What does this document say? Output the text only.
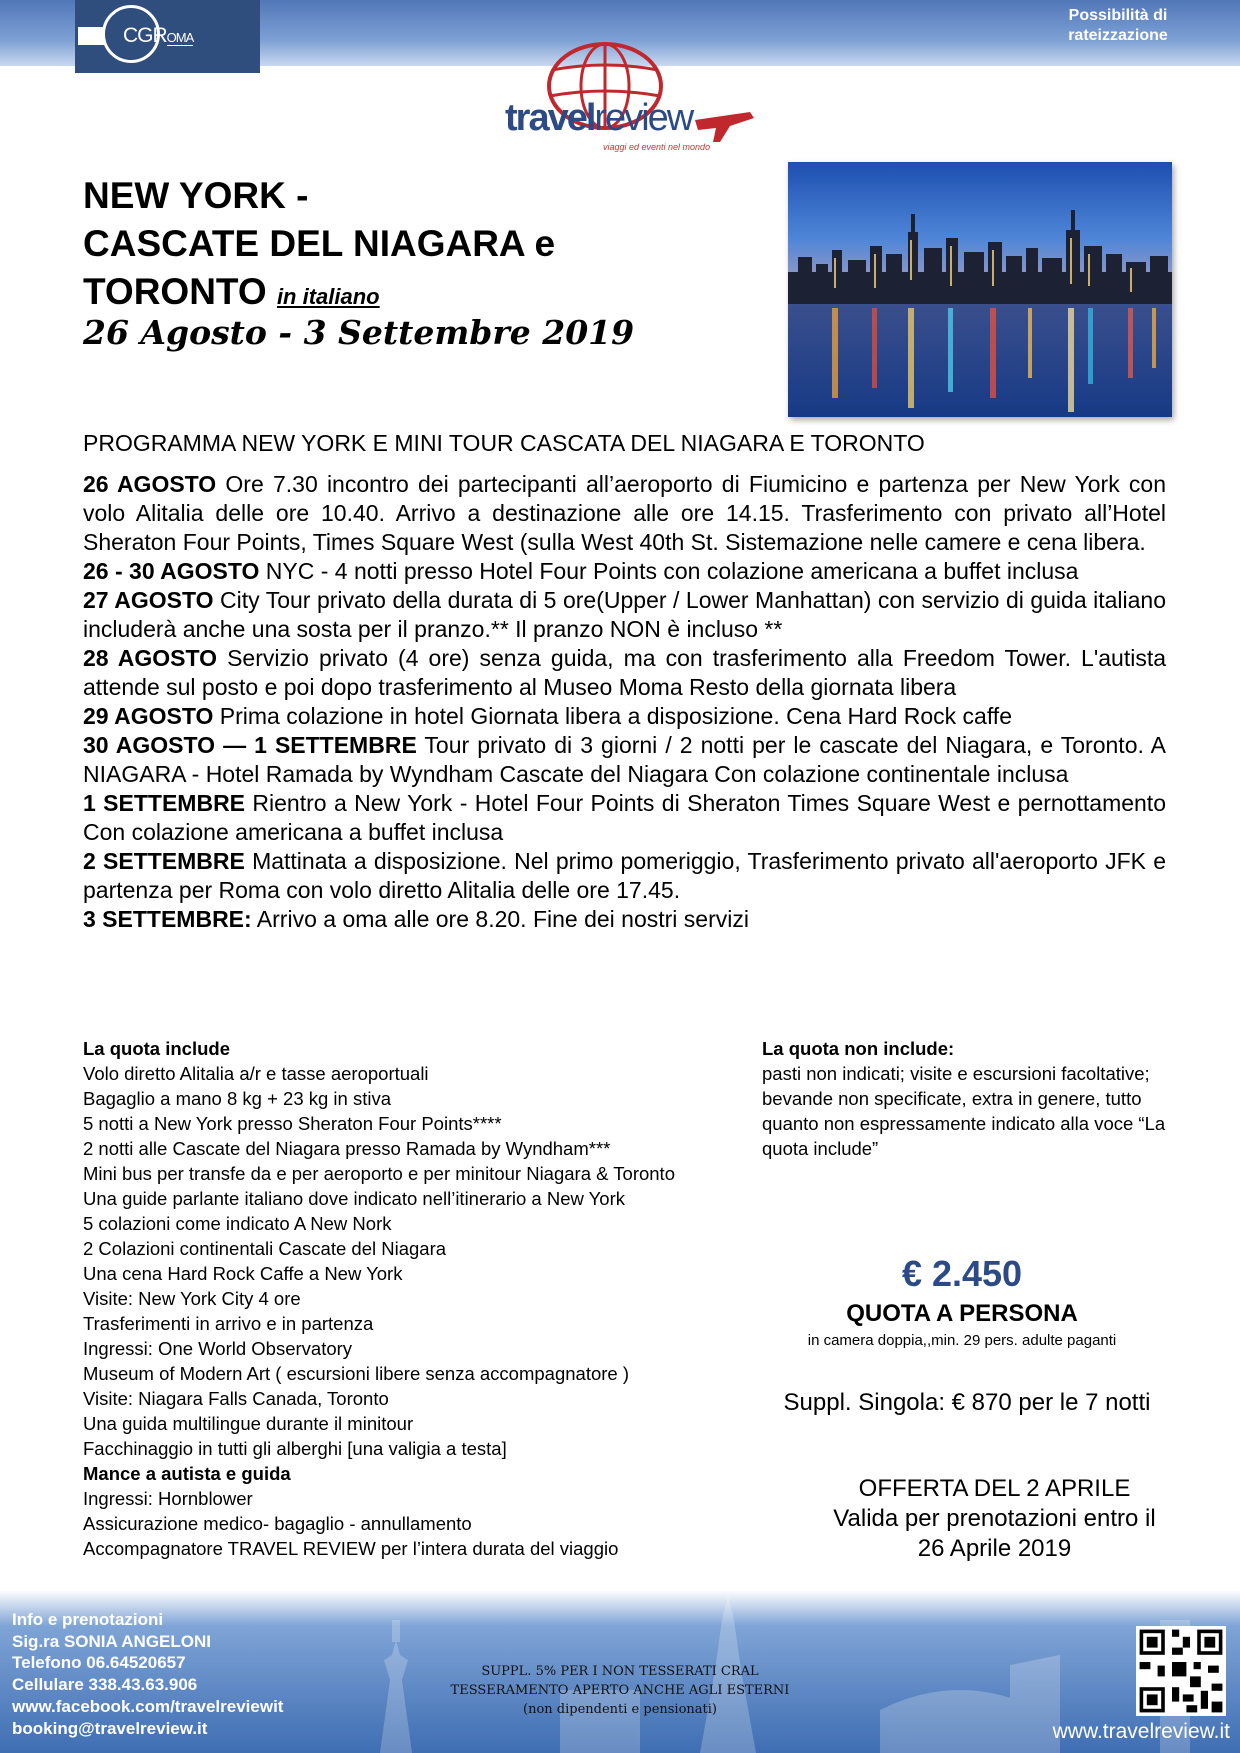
CGROMA
Possibilità di rateizzazione
travelreview
viaggi ed eventi nel mondo
NEW YORK -
CASCATE DEL NIAGARA e
TORONTO in italiano
26 Agosto - 3 Settembre 2019
PROGRAMMA NEW YORK E MINI TOUR CASCATA DEL NIAGARA E TORONTO

26 AGOSTO Ore 7.30 incontro dei partecipanti all’aeroporto di Fiumicino e partenza per New York con volo Alitalia delle ore 10.40. Arrivo a destinazione alle ore 14.15. Trasferimento con privato all’Hotel Sheraton Four Points, Times Square West (sulla West 40th St. Sistemazione nelle camere e cena libera.

26 - 30 AGOSTO NYC - 4 notti presso Hotel Four Points con colazione americana a buffet inclusa

27 AGOSTO City Tour privato della durata di 5 ore(Upper / Lower Manhattan) con servizio di guida italiano includerà anche una sosta per il pranzo.** Il pranzo NON è incluso **

28 AGOSTO Servizio privato (4 ore) senza guida, ma con trasferimento alla Freedom Tower. L'autista attende sul posto e poi dopo trasferimento al Museo Moma Resto della giornata libera

29 AGOSTO Prima colazione in hotel Giornata libera a disposizione. Cena Hard Rock caffe

30 AGOSTO — 1 SETTEMBRE Tour privato di 3 giorni / 2 notti per le cascate del Niagara, e Toronto. A NIAGARA - Hotel Ramada by Wyndham Cascate del Niagara Con colazione continentale inclusa

1 SETTEMBRE Rientro a New York - Hotel Four Points di Sheraton Times Square West e pernottamento Con colazione americana a buffet inclusa

2 SETTEMBRE Mattinata a disposizione. Nel primo pomeriggio, Trasferimento privato all'aeroporto JFK e partenza per Roma con volo diretto Alitalia delle ore 17.45.

3 SETTEMBRE: Arrivo a oma alle ore 8.20. Fine dei nostri servizi

La quota include
Volo diretto Alitalia a/r e tasse aeroportuali
Bagaglio a mano 8 kg + 23 kg in stiva
5 notti a New York presso Sheraton Four Points****
2 notti alle Cascate del Niagara presso Ramada by Wyndham***
Mini bus per transfe da e per aeroporto e per minitour Niagara & Toronto
Una guide parlante italiano dove indicato nell’itinerario a New York
5 colazioni come indicato A New Nork
2 Colazioni continentali Cascate del Niagara
Una cena Hard Rock Caffe a New York
Visite: New York City 4 ore
Trasferimenti in arrivo e in partenza
Ingressi: One World Observatory
Museum of Modern Art ( escursioni libere senza accompagnatore )
Visite: Niagara Falls Canada, Toronto
Una guida multilingue durante il minitour
Facchinaggio in tutti gli alberghi [una valigia a testa]
Mance a autista e guida
Ingressi: Hornblower
Assicurazione medico- bagaglio - annullamento
Accompagnatore TRAVEL REVIEW per l’intera durata del viaggio
La quota non include:
pasti non indicati; visite e escursioni facoltative; bevande non specificate, extra in genere, tutto quanto non espressamente indicato alla voce “La quota include”
€ 2.450
QUOTA A PERSONA
in camera doppia,,min. 29 pers. adulte paganti
Suppl. Singola: € 870 per le 7 notti
OFFERTA DEL 2 APRILE
Valida per prenotazioni entro il
26 Aprile 2019
Info e prenotazioni
Sig.ra SONIA ANGELONI
Telefono 06.64520657
Cellulare 338.43.63.906
www.facebook.com/travelreviewit
booking@travelreview.it
SUPPL. 5% PER I NON TESSERATI CRAL
TESSERAMENTO APERTO ANCHE AGLI ESTERNI
(non dipendenti e pensionati)
www.travelreview.it
